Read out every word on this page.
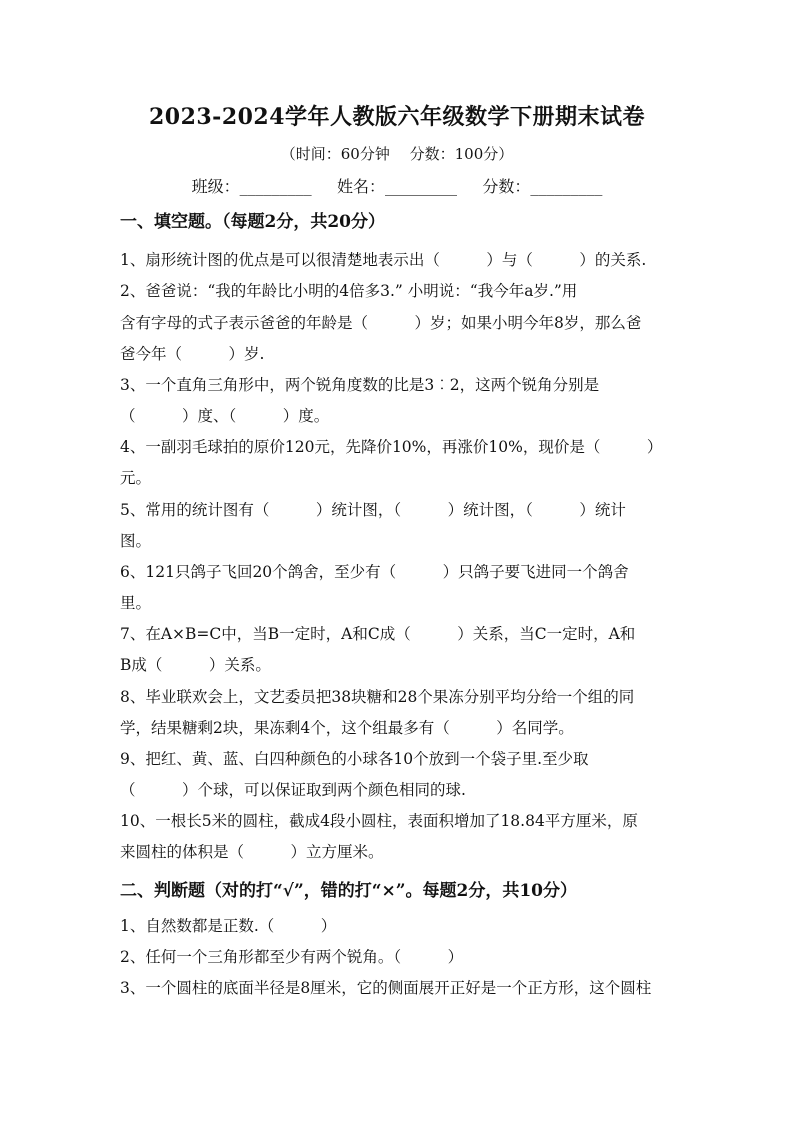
2023-2024学年人教版六年级数学下册期末试卷
（时间：60分钟　 分数：100分）
班级：_________     姓名：_________     分数：_________
一、填空题。（每题2分，共20分）
1、扇形统计图的优点是可以很清楚地表示出（　　　）与（　　　）的关系.
2、爸爸说：“我的年龄比小明的4倍多3.” 小明说：“我今年a岁.”用
含有字母的式子表示爸爸的年龄是（　　　）岁；如果小明今年8岁，那么爸
爸今年（　　　）岁.
3、一个直角三角形中，两个锐角度数的比是3︰2，这两个锐角分别是
（　　　）度、（　　　）度。
4、一副羽毛球拍的原价120元，先降价10%，再涨价10%，现价是（　　　）
元。
5、常用的统计图有（　　　）统计图，（　　　）统计图，（　　　）统计
图。
6、121只鸽子飞回20个鸽舍，至少有（　　　）只鸽子要飞进同一个鸽舍
里。
7、在A×B=C中，当B一定时，A和C成（　　　）关系，当C一定时，A和
B成（　　　）关系。
8、毕业联欢会上，文艺委员把38块糖和28个果冻分别平均分给一个组的同
学，结果糖剩2块，果冻剩4个，这个组最多有（　　　）名同学。
9、把红、黄、蓝、白四种颜色的小球各10个放到一个袋子里.至少取
（　　　）个球，可以保证取到两个颜色相同的球.
10、一根长5米的圆柱，截成4段小圆柱，表面积增加了18.84平方厘米，原
来圆柱的体积是（　　　）立方厘米。
二、判断题（对的打“√”，错的打“×”。每题2分，共10分）
1、自然数都是正数.（　　　）
2、任何一个三角形都至少有两个锐角。（　　　）
3、一个圆柱的底面半径是8厘米，它的侧面展开正好是一个正方形，这个圆柱
